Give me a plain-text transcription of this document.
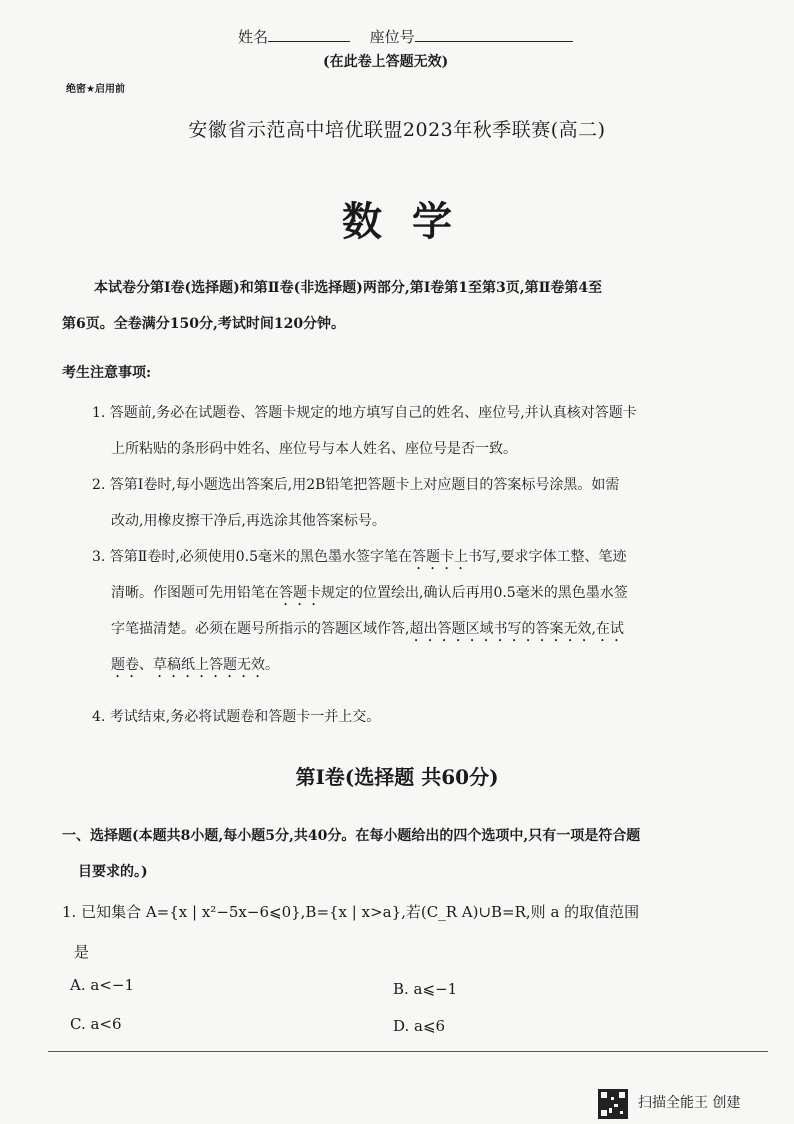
姓名	座位号
(在此卷上答题无效)
绝密★启用前
安徽省示范高中培优联盟2023年秋季联赛(高二)
数学
本试卷分第Ⅰ卷(选择题)和第Ⅱ卷(非选择题)两部分,第Ⅰ卷第1至第3页,第Ⅱ卷第4至
第6页。全卷满分150分,考试时间120分钟。
考生注意事项:
1. 答题前,务必在试题卷、答题卡规定的地方填写自己的姓名、座位号,并认真核对答题卡
上所粘贴的条形码中姓名、座位号与本人姓名、座位号是否一致。
2. 答第Ⅰ卷时,每小题选出答案后,用2B铅笔把答题卡上对应题目的答案标号涂黑。如需
改动,用橡皮擦干净后,再选涂其他答案标号。
3. 答第Ⅱ卷时,必须使用0.5毫米的黑色墨水签字笔在答题卡上书写,要求字体工整、笔迹
清晰。作图题可先用铅笔在答题卡规定的位置绘出,确认后再用0.5毫米的黑色墨水签
字笔描清楚。必须在题号所指示的答题区域作答,超出答题区域书写的答案无效,在试
题卷、草稿纸上答题无效。
4. 考试结束,务必将试题卷和答题卡一并上交。
第Ⅰ卷(选择题 共60分)
一、选择题(本题共8小题,每小题5分,共40分。在每小题给出的四个选项中,只有一项是符合题
目要求的。)
1. 已知集合 A={x | x²−5x−6⩽0},B={x | x>a},若(C_R A)∪B=R,则 a 的取值范围
是
A. a<−1	B. a⩽−1
C. a<6	D. a⩽6
扫描全能王 创建
